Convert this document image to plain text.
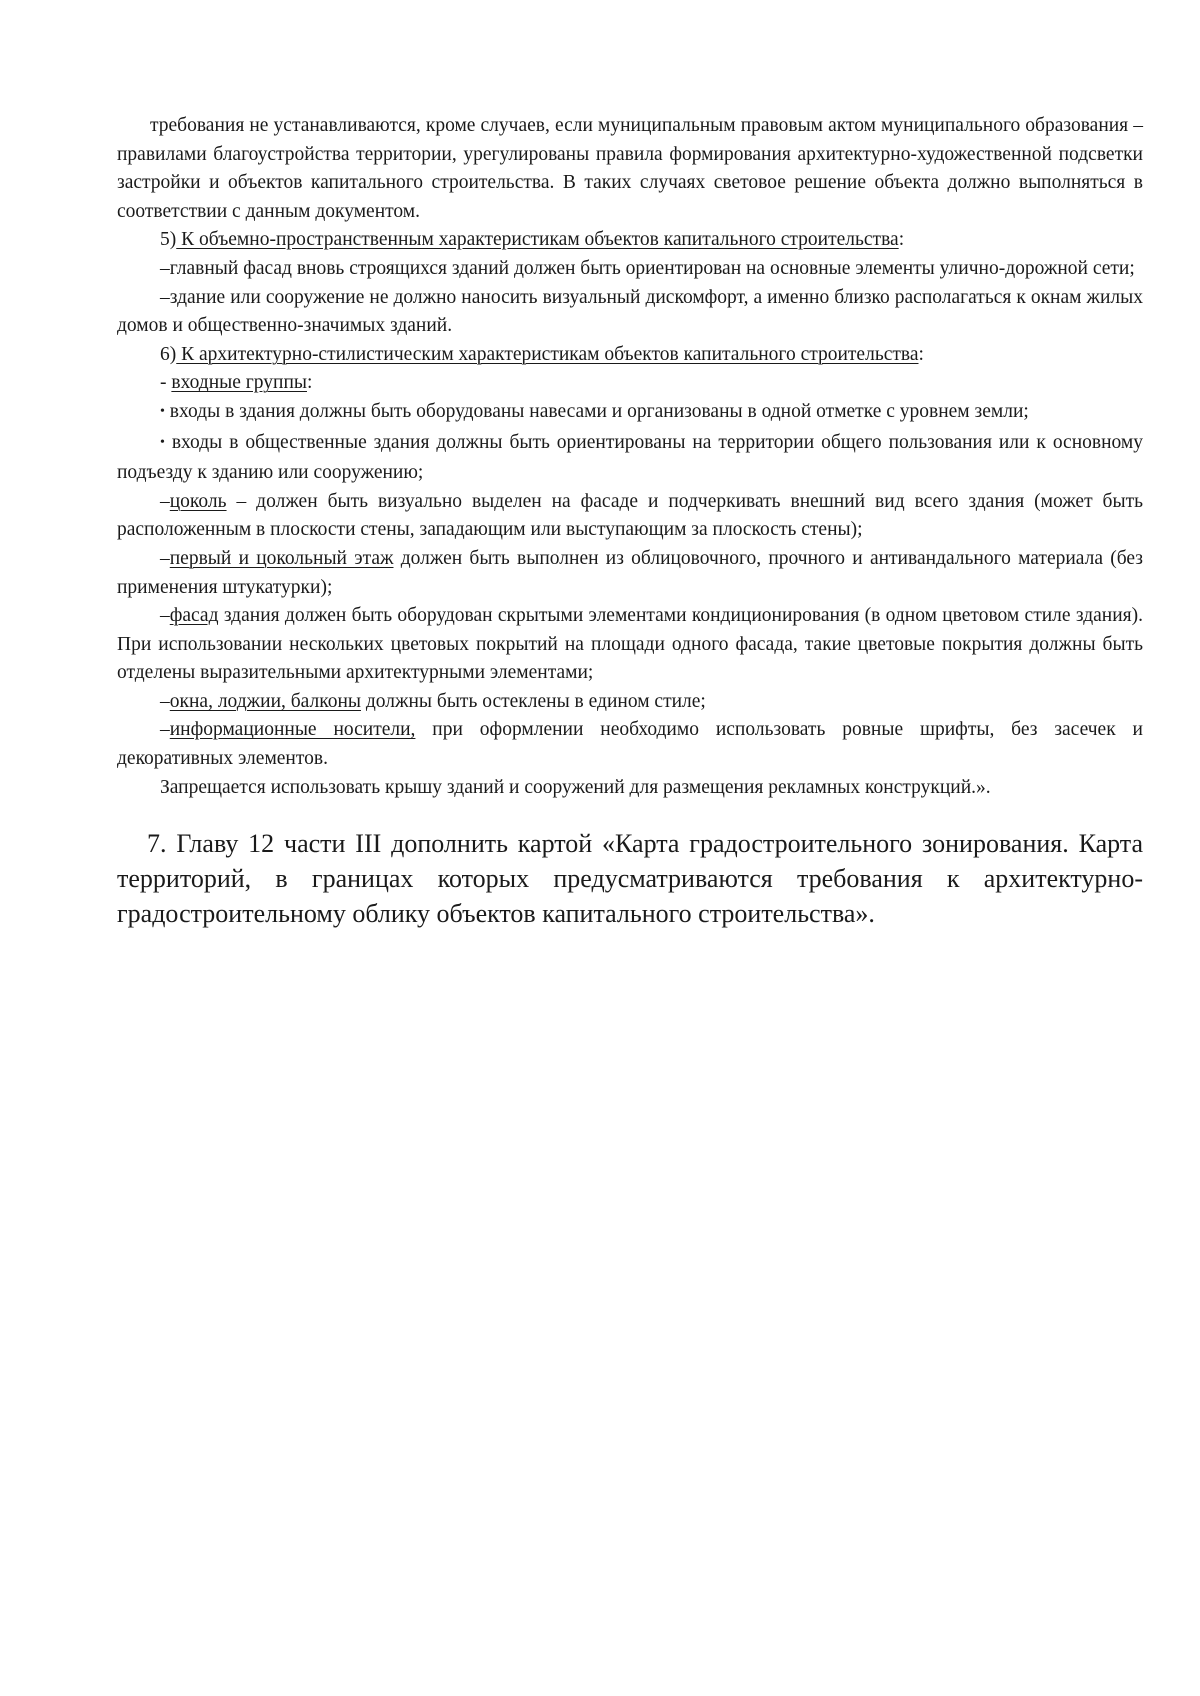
требования не устанавливаются, кроме случаев, если муниципальным правовым актом муниципального образования – правилами благоустройства территории, урегулированы правила формирования архитектурно-художественной подсветки застройки и объектов капитального строительства. В таких случаях световое решение объекта должно выполняться в соответствии с данным документом.

5) К объемно-пространственным характеристикам объектов капитального строительства:

–главный фасад вновь строящихся зданий должен быть ориентирован на основные элементы улично-дорожной сети;

–здание или сооружение не должно наносить визуальный дискомфорт, а именно близко располагаться к окнам жилых домов и общественно-значимых зданий.

6) К архитектурно-стилистическим характеристикам объектов капитального строительства:

- входные группы:

• входы в здания должны быть оборудованы навесами и организованы в одной отметке с уровнем земли;

• входы в общественные здания должны быть ориентированы на территории общего пользования или к основному подъезду к зданию или сооружению;

–цоколь – должен быть визуально выделен на фасаде и подчеркивать внешний вид всего здания (может быть расположенным в плоскости стены, западающим или выступающим за плоскость стены);

–первый и цокольный этаж должен быть выполнен из облицовочного, прочного и антивандального материала (без применения штукатурки);

–фасад здания должен быть оборудован скрытыми элементами кондиционирования (в одном цветовом стиле здания). При использовании нескольких цветовых покрытий на площади одного фасада, такие цветовые покрытия должны быть отделены выразительными архитектурными элементами;

–окна, лоджии, балконы должны быть остеклены в едином стиле;

–информационные носители, при оформлении необходимо использовать ровные шрифты, без засечек и декоративных элементов.

Запрещается использовать крышу зданий и сооружений для размещения рекламных конструкций.».

7. Главу 12 части III дополнить картой «Карта градостроительного зонирования. Карта территорий, в границах которых предусматриваются требования к архитектурно-градостроительному облику объектов капитального строительства».
